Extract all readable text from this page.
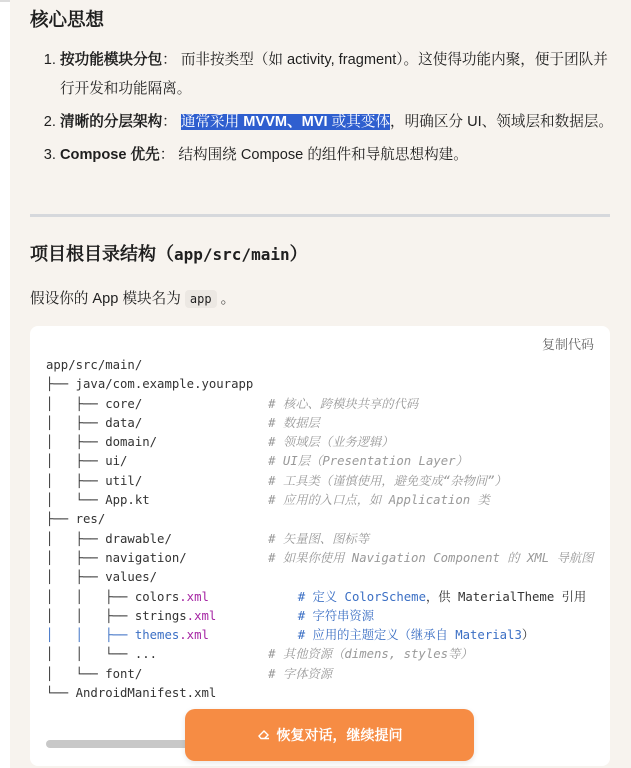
核心思想
1. 按功能模块分包： 而非按类型（如 activity, fragment）。这使得功能内聚，便于团队并行开发和功能隔离。
2. 清晰的分层架构： 通常采用 MVVM、MVI 或其变体，明确区分 UI、领域层和数据层。
3. Compose 优先： 结构围绕 Compose 的组件和导航思想构建。
项目根目录结构（app/src/main）
假设你的 App 模块名为 app 。
复制代码
app/src/main/
├── java/com.example.yourapp
│   ├── core/                 # 核心、跨模块共享的代码
│   ├── data/                 # 数据层
│   ├── domain/               # 领域层（业务逻辑）
│   ├── ui/                   # UI层（Presentation Layer）
│   ├── util/                 # 工具类（谨慎使用，避免变成“杂物间”）
│   └── App.kt                # 应用的入口点，如 Application 类
├── res/
│   ├── drawable/             # 矢量图、图标等
│   ├── navigation/           # 如果你使用 Navigation Component 的 XML 导航图
│   ├── values/
│   │   ├── colors.xml	# 定义 ColorScheme，供 MaterialTheme 引用
│   │   ├── strings.xml	# 字符串资源
│   │   ├── themes.xml	# 应用的主题定义（继承自 Material3）
│   │   └── ...               # 其他资源（dimens, styles等）
│   └── font/                 # 字体资源
└── AndroidManifest.xml
恢复对话，继续提问
